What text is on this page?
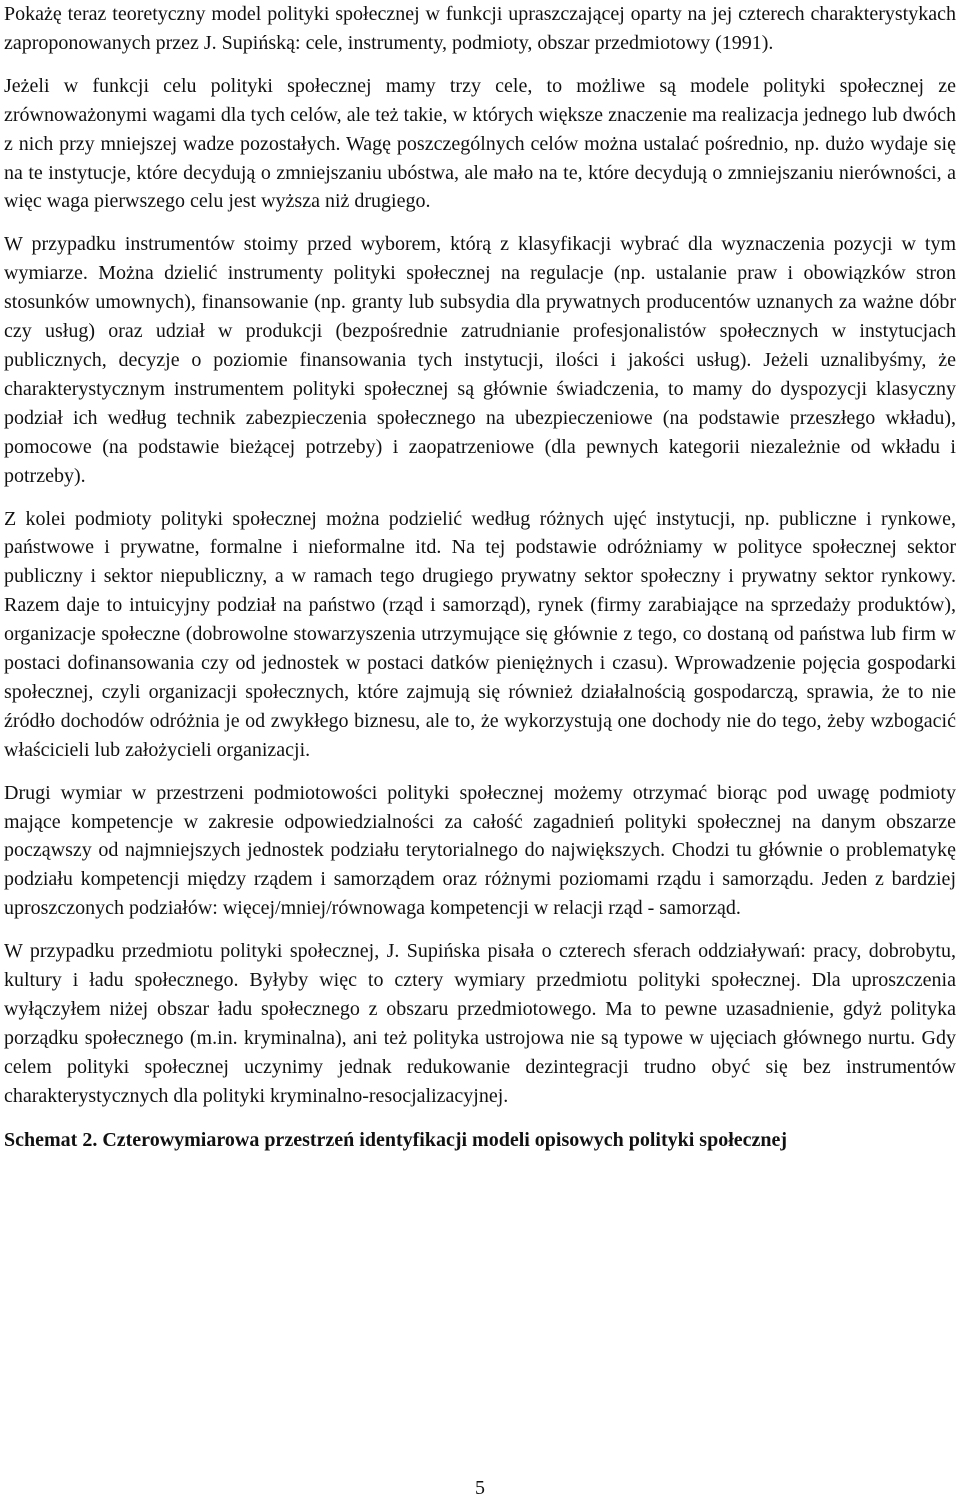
Pokażę teraz teoretyczny model polityki społecznej w funkcji upraszczającej oparty na jej czterech charakterystykach zaproponowanych przez J. Supińską: cele, instrumenty, podmioty, obszar przedmiotowy (1991).

Jeżeli w funkcji celu polityki społecznej mamy trzy cele, to możliwe są modele polityki społecznej ze zrównoważonymi wagami dla tych celów, ale też takie, w których większe znaczenie ma realizacja jednego lub dwóch z nich przy mniejszej wadze pozostałych. Wagę poszczególnych celów można ustalać pośrednio, np. dużo wydaje się na te instytucje, które decydują o zmniejszaniu ubóstwa, ale mało na te, które decydują o zmniejszaniu nierówności, a więc waga pierwszego celu jest wyższa niż drugiego.

W przypadku instrumentów stoimy przed wyborem, którą z klasyfikacji wybrać dla wyznaczenia pozycji w tym wymiarze. Można dzielić instrumenty polityki społecznej na regulacje (np. ustalanie praw i obowiązków stron stosunków umownych), finansowanie (np. granty lub subsydia dla prywatnych producentów uznanych za ważne dóbr czy usług) oraz udział w produkcji (bezpośrednie zatrudnianie profesjonalistów społecznych w instytucjach publicznych, decyzje o poziomie finansowania tych instytucji, ilości i jakości usług). Jeżeli uznalibyśmy, że charakterystycznym instrumentem polityki społecznej są głównie świadczenia, to mamy do dyspozycji klasyczny podział ich według technik zabezpieczenia społecznego na ubezpieczeniowe (na podstawie przeszłego wkładu), pomocowe (na podstawie bieżącej potrzeby) i zaopatrzeniowe (dla pewnych kategorii niezależnie od wkładu i potrzeby).

Z kolei podmioty polityki społecznej można podzielić według różnych ujęć instytucji, np. publiczne i rynkowe, państwowe i prywatne, formalne i nieformalne itd. Na tej podstawie odróżniamy w polityce społecznej sektor publiczny i sektor niepubliczny, a w ramach tego drugiego prywatny sektor społeczny i prywatny sektor rynkowy. Razem daje to intuicyjny podział na państwo (rząd i samorząd), rynek (firmy zarabiające na sprzedaży produktów), organizacje społeczne (dobrowolne stowarzyszenia utrzymujące się głównie z tego, co dostaną od państwa lub firm w postaci dofinansowania czy od jednostek w postaci datków pieniężnych i czasu). Wprowadzenie pojęcia gospodarki społecznej, czyli organizacji społecznych, które zajmują się również działalnością gospodarczą, sprawia, że to nie źródło dochodów odróżnia je od zwykłego biznesu, ale to, że wykorzystują one dochody nie do tego, żeby wzbogacić właścicieli lub założycieli organizacji.

Drugi wymiar w przestrzeni podmiotowości polityki społecznej możemy otrzymać biorąc pod uwagę podmioty mające kompetencje w zakresie odpowiedzialności za całość zagadnień polityki społecznej na danym obszarze począwszy od najmniejszych jednostek podziału terytorialnego do największych. Chodzi tu głównie o problematykę podziału kompetencji między rządem i samorządem oraz różnymi poziomami rządu i samorządu. Jeden z bardziej uproszczonych podziałów: więcej/mniej/równowaga kompetencji w relacji rząd - samorząd.

W przypadku przedmiotu polityki społecznej, J. Supińska pisała o czterech sferach oddziaływań: pracy, dobrobytu, kultury i ładu społecznego. Byłyby więc to cztery wymiary przedmiotu polityki społecznej. Dla uproszczenia wyłączyłem niżej obszar ładu społecznego z obszaru przedmiotowego. Ma to pewne uzasadnienie, gdyż polityka porządku społecznego (m.in. kryminalna), ani też polityka ustrojowa nie są typowe w ujęciach głównego nurtu. Gdy celem polityki społecznej uczynimy jednak redukowanie dezintegracji trudno obyć się bez instrumentów charakterystycznych dla polityki kryminalno-resocjalizacyjnej.

Schemat 2. Czterowymiarowa przestrzeń identyfikacji modeli opisowych polityki społecznej

5
